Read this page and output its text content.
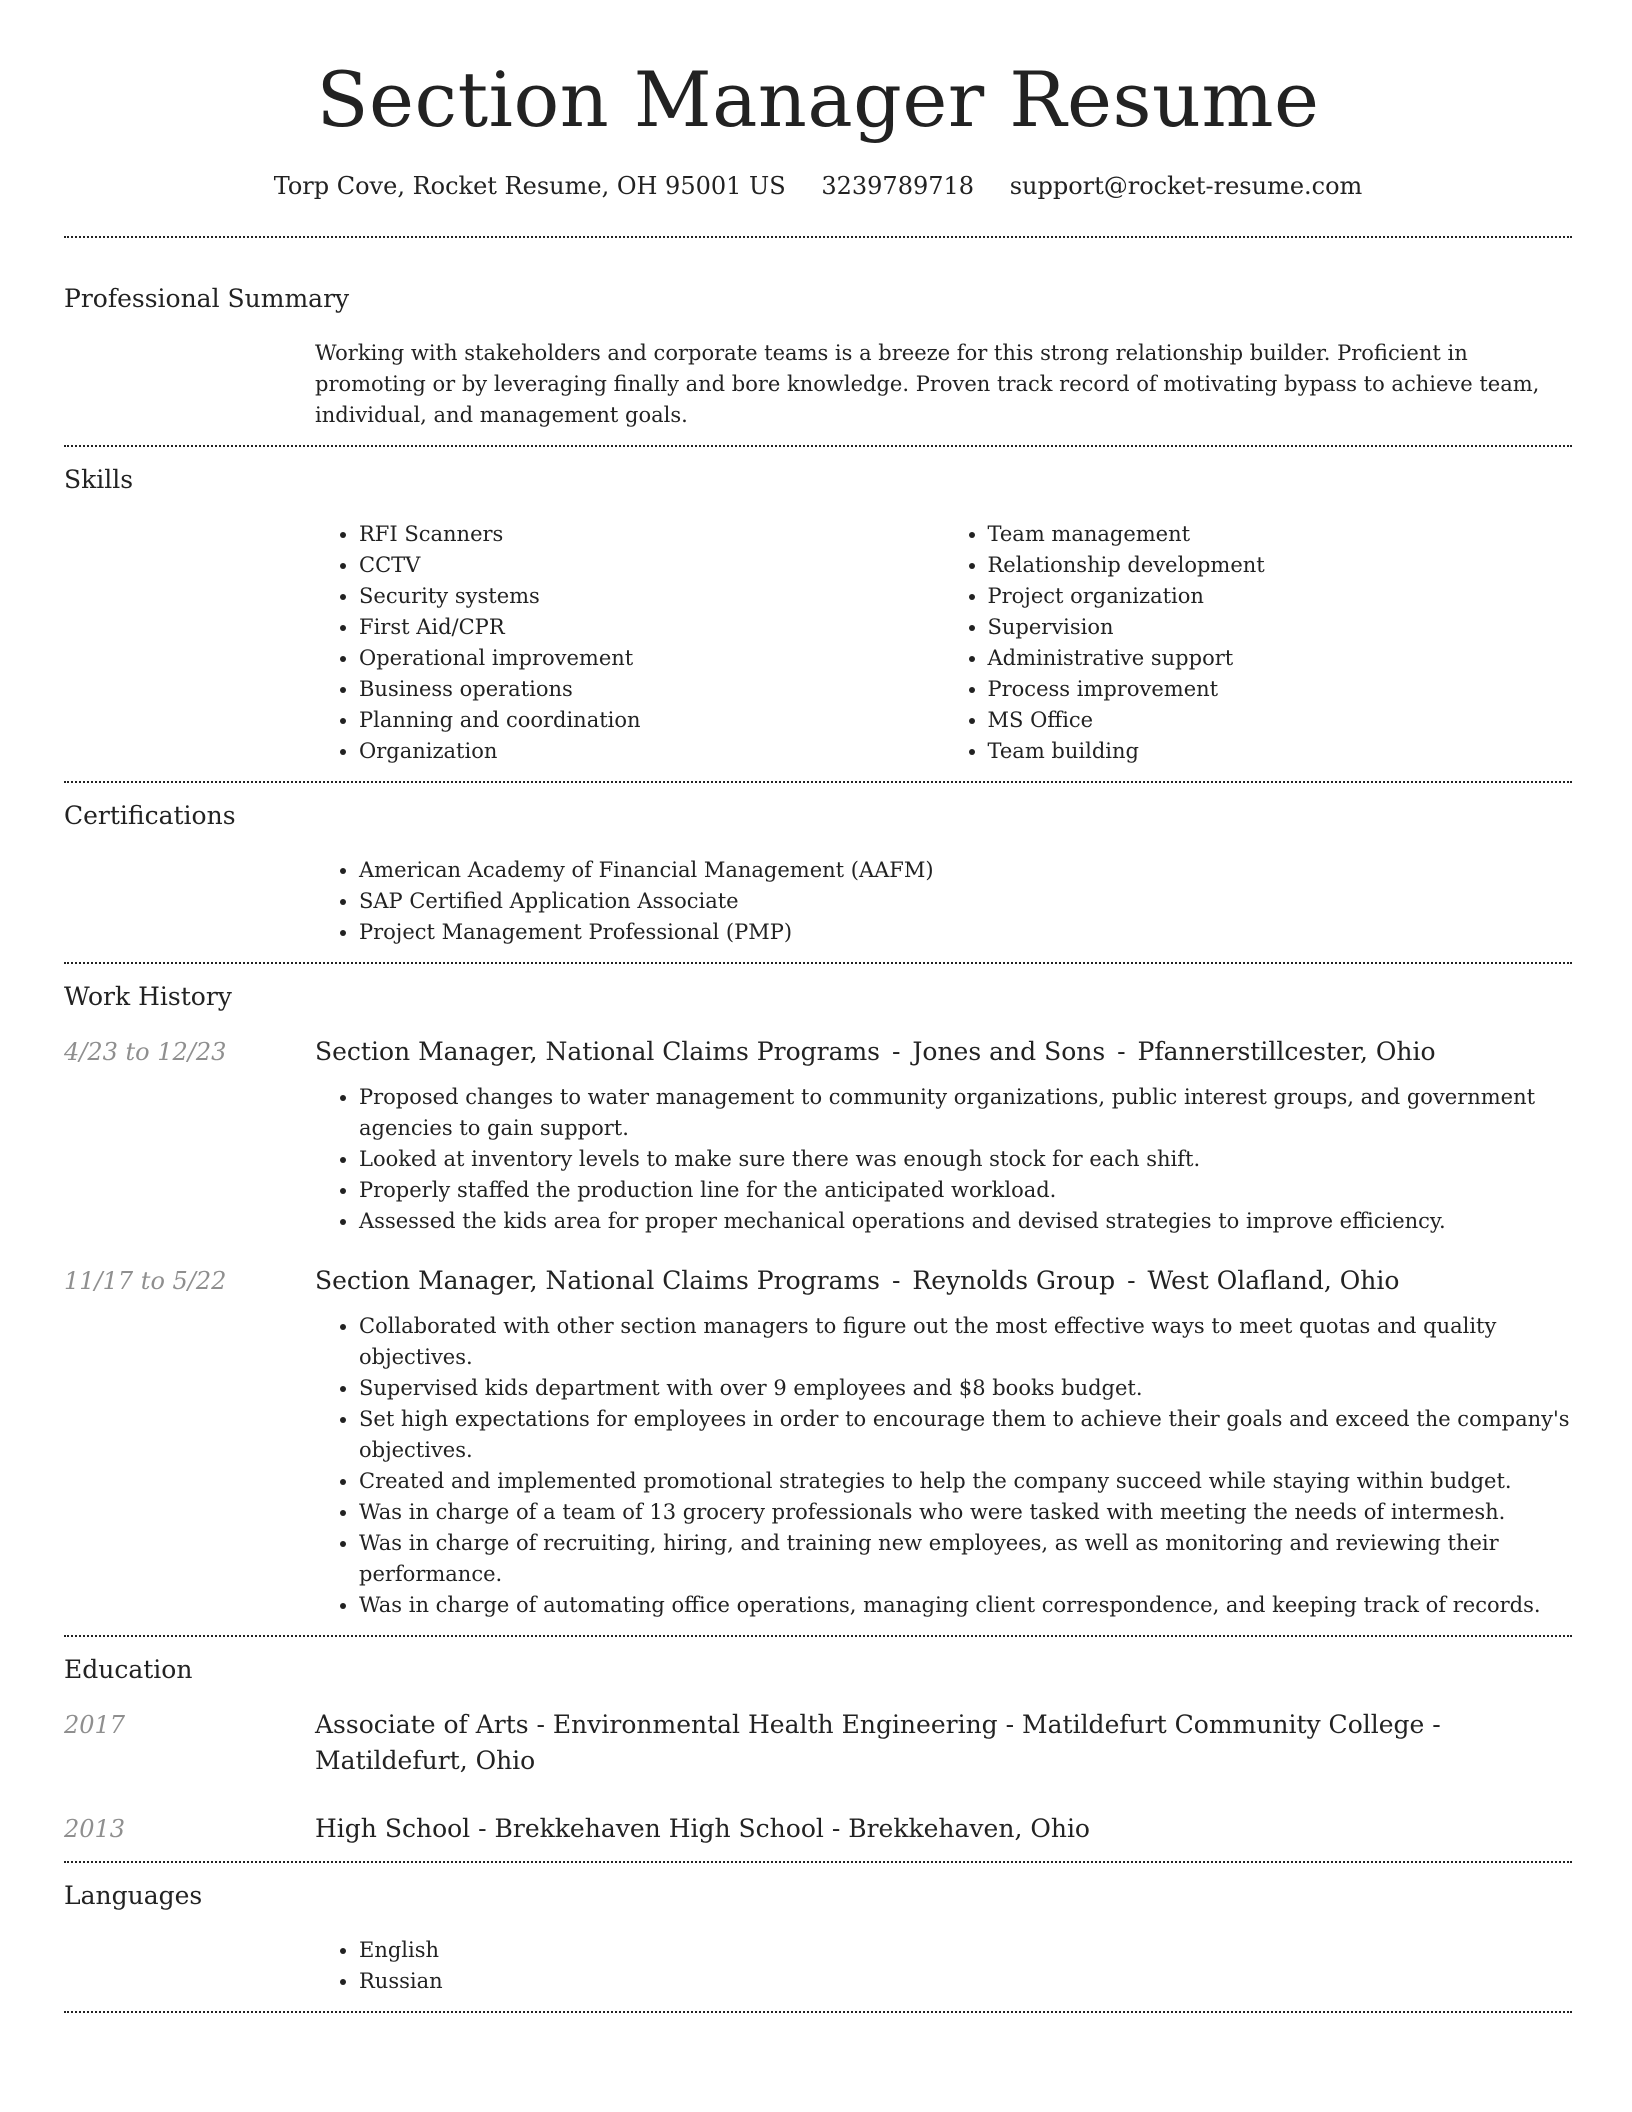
Section Manager Resume
Torp Cove, Rocket Resume, OH 95001 US 3239789718 support@rocket-resume.com
Professional Summary
Working with stakeholders and corporate teams is a breeze for this strong relationship builder. Proficient in promoting or by leveraging finally and bore knowledge. Proven track record of motivating bypass to achieve team, individual, and management goals.
Skills
• RFI Scanners
• CCTV
• Security systems
• First Aid/CPR
• Operational improvement
• Business operations
• Planning and coordination
• Organization
• Team management
• Relationship development
• Project organization
• Supervision
• Administrative support
• Process improvement
• MS Office
• Team building
Certifications
• American Academy of Financial Management (AAFM)
• SAP Certified Application Associate
• Project Management Professional (PMP)
Work History
4/23 to 12/23	Section Manager, National Claims Programs - Jones and Sons - Pfannerstillcester, Ohio
• Proposed changes to water management to community organizations, public interest groups, and government agencies to gain support.
• Looked at inventory levels to make sure there was enough stock for each shift.
• Properly staffed the production line for the anticipated workload.
• Assessed the kids area for proper mechanical operations and devised strategies to improve efficiency.
11/17 to 5/22	Section Manager, National Claims Programs - Reynolds Group - West Olafland, Ohio
• Collaborated with other section managers to figure out the most effective ways to meet quotas and quality objectives.
• Supervised kids department with over 9 employees and $8 books budget.
• Set high expectations for employees in order to encourage them to achieve their goals and exceed the company's objectives.
• Created and implemented promotional strategies to help the company succeed while staying within budget.
• Was in charge of a team of 13 grocery professionals who were tasked with meeting the needs of intermesh.
• Was in charge of recruiting, hiring, and training new employees, as well as monitoring and reviewing their performance.
• Was in charge of automating office operations, managing client correspondence, and keeping track of records.
Education
2017	Associate of Arts - Environmental Health Engineering - Matildefurt Community College - Matildefurt, Ohio
2013	High School - Brekkehaven High School - Brekkehaven, Ohio
Languages
• English
• Russian
